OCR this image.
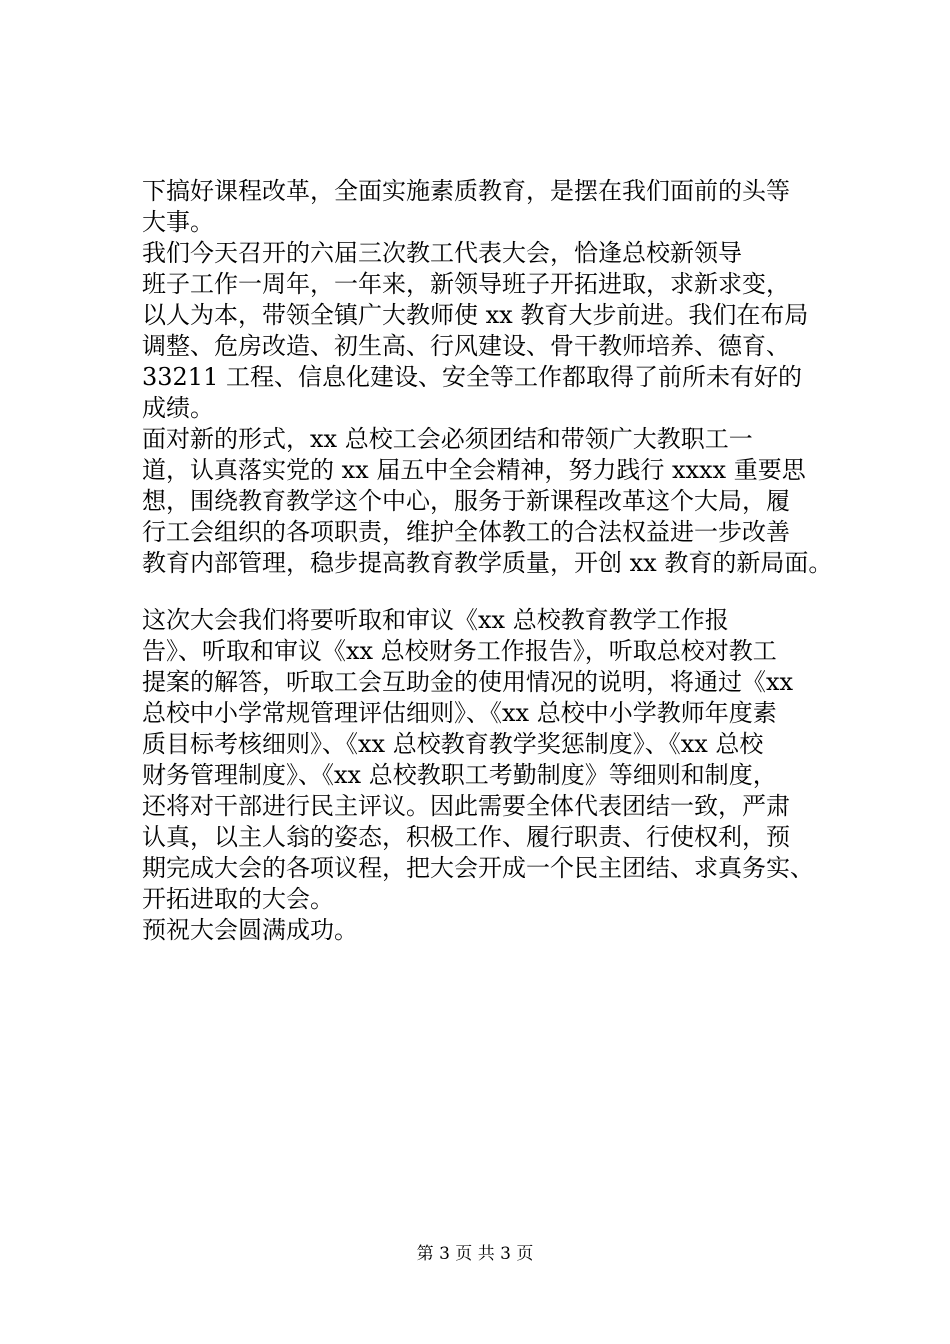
下搞好课程改革，全面实施素质教育，是摆在我们面前的头等
大事。
我们今天召开的六届三次教工代表大会，恰逢总校新领导
班子工作一周年，一年来，新领导班子开拓进取，求新求变，
以人为本，带领全镇广大教师使 xx 教育大步前进。我们在布局
调整、危房改造、初生高、行风建设、骨干教师培养、德育、
33211 工程、信息化建设、安全等工作都取得了前所未有好的
成绩。
面对新的形式，xx 总校工会必须团结和带领广大教职工一
道，认真落实党的 xx 届五中全会精神，努力践行 xxxx 重要思
想，围绕教育教学这个中心，服务于新课程改革这个大局，履
行工会组织的各项职责，维护全体教工的合法权益进一步改善
教育内部管理，稳步提高教育教学质量，开创 xx 教育的新局面。
这次大会我们将要听取和审议《xx 总校教育教学工作报
告》、听取和审议《xx 总校财务工作报告》，听取总校对教工
提案的解答，听取工会互助金的使用情况的说明，将通过《xx
总校中小学常规管理评估细则》、《xx 总校中小学教师年度素
质目标考核细则》、《xx 总校教育教学奖惩制度》、《xx 总校
财务管理制度》、《xx 总校教职工考勤制度》等细则和制度，
还将对干部进行民主评议。因此需要全体代表团结一致，严肃
认真，以主人翁的姿态，积极工作、履行职责、行使权利，预
期完成大会的各项议程，把大会开成一个民主团结、求真务实、
开拓进取的大会。
预祝大会圆满成功。
第 3 页 共 3 页
